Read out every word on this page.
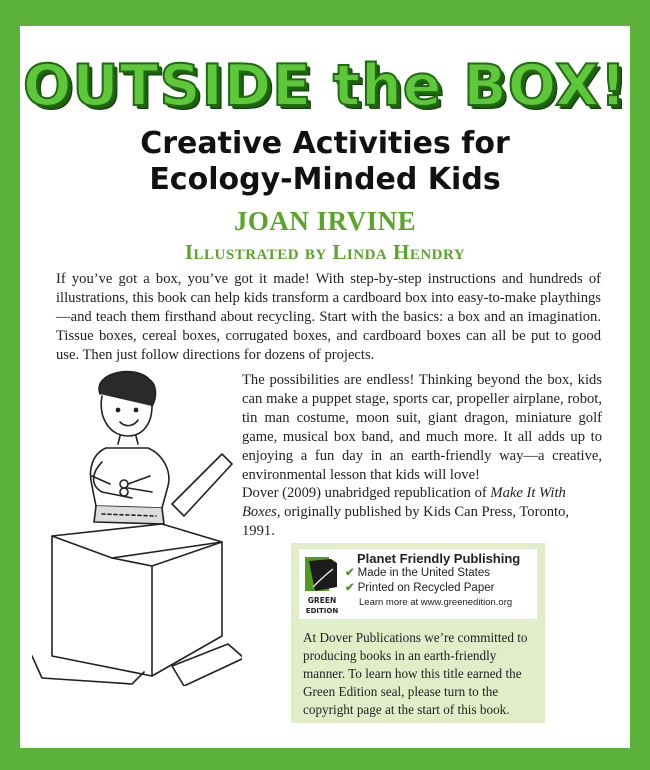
OUTSIDE the BOX!
Creative Activities for
Ecology-Minded Kids
JOAN IRVINE
Illustrated by Linda Hendry
If you’ve got a box, you’ve got it made! With step-by-step instructions and hundreds of illustrations, this book can help kids transform a cardboard box into easy-to-make playthings—and teach them firsthand about recycling. Start with the basics: a box and an imagination. Tissue boxes, cereal boxes, corrugated boxes, and cardboard boxes can all be put to good use. Then just follow directions for dozens of projects.

The possibilities are endless! Thinking beyond the box, kids can make a puppet stage, sports car, propeller airplane, robot, tin man costume, moon suit, giant dragon, miniature golf game, musical box band, and much more. It all adds up to enjoying a fun day in an earth-friendly way—a creative, environmental lesson that kids will love!

Dover (2009) unabridged republication of Make It With Boxes, originally published by Kids Can Press, Toronto, 1991.
GREEN
EDITION
Planet Friendly Publishing
✔ Made in the United States
✔ Printed on Recycled Paper
Learn more at www.greenedition.org
At Dover Publications we’re committed to producing books in an earth-friendly manner. To learn how this title earned the Green Edition seal, please turn to the copyright page at the start of this book.
